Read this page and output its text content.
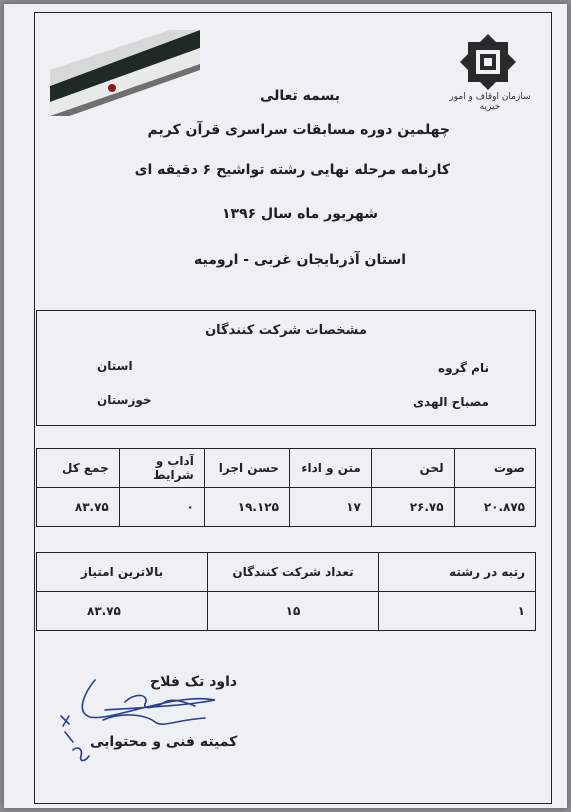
سازمان اوقاف و امور خیریه
بسمه تعالی
چهلمین دوره مسابقات سراسری قرآن کریم
کارنامه مرحله نهایی رشته تواشیح ۶ دقیقه ای
شهریور ماه سال ۱۳۹۶
استان آذربایجان غربی - ارومیه
مشخصات شرکت کنندگان
نام گروه
مصباح الهدی
استان
خوزستان
صوت	لحن	متن و اداء	حسن اجرا	آداب و شرایط	جمع کل
۲۰.۸۷۵	۲۶.۷۵	۱۷	۱۹.۱۲۵	۰	۸۳.۷۵
رتبه در رشته	تعداد شرکت کنندگان	بالاترین امتیاز
۱	۱۵	۸۳.۷۵
داود تک فلاح
کمیته فنی و محتوایی
